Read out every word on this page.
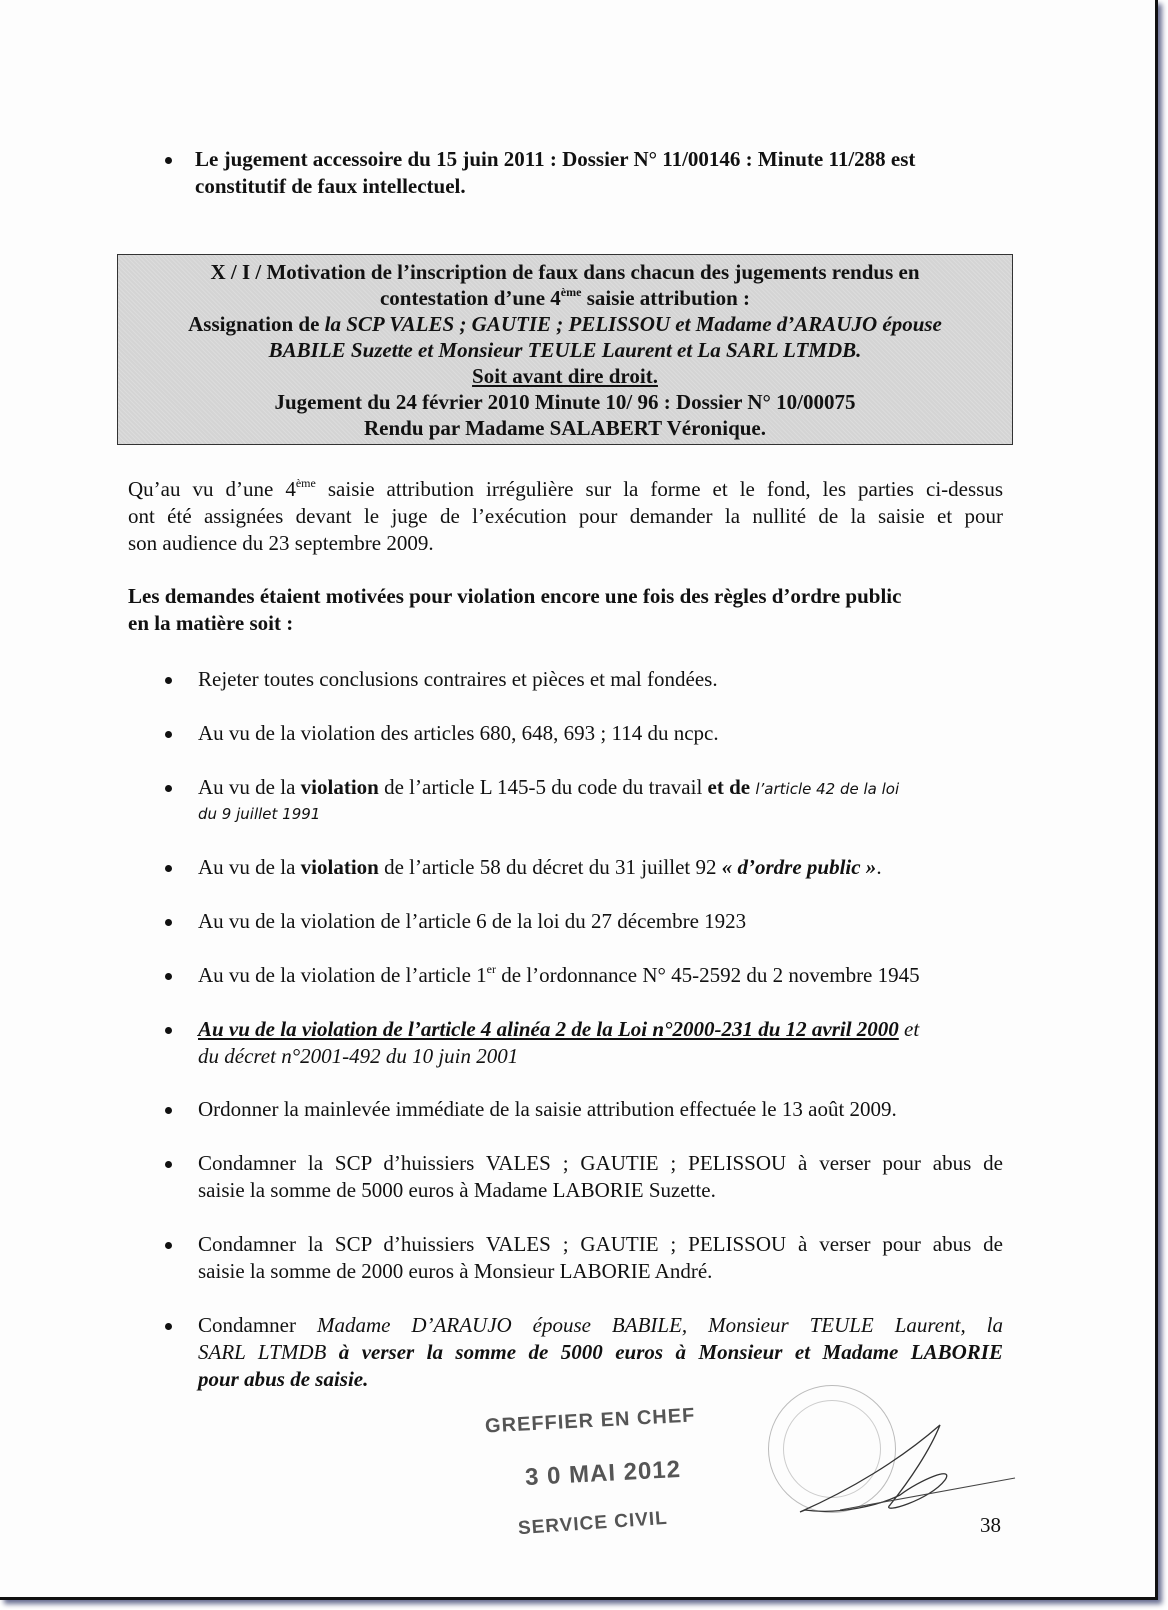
Le jugement accessoire du 15 juin 2011 : Dossier N° 11/00146 : Minute 11/288 est
constitutif de faux intellectuel.
X / I / Motivation de l’inscription de faux dans chacun des jugements rendus en
contestation d’une 4ème saisie attribution :
Assignation de la SCP VALES ; GAUTIE ; PELISSOU et Madame d’ARAUJO épouse
BABILE Suzette et Monsieur TEULE Laurent et La SARL LTMDB.
Soit avant dire droit.
Jugement du 24 février 2010 Minute 10/ 96 : Dossier N° 10/00075
Rendu par Madame SALABERT Véronique.
Qu’au vu d’une 4ème saisie attribution irrégulière sur la forme et le fond, les parties ci-dessus
ont été assignées devant le juge de l’exécution pour demander la nullité de la saisie et pour
son audience du 23 septembre 2009.
Les demandes étaient motivées pour violation encore une fois des règles d’ordre public
en la matière soit :
Rejeter toutes conclusions contraires et pièces et mal fondées.
Au vu de la violation des articles 680, 648, 693 ; 114 du ncpc.
Au vu de la violation de l’article L 145-5 du code du travail et de l’article 42 de la loi
du 9 juillet 1991
Au vu de la violation de l’article 58 du décret du 31 juillet 92 « d’ordre public ».
Au vu de la violation de l’article 6 de la loi du 27 décembre 1923
Au vu de la violation de l’article 1er de l’ordonnance N° 45-2592 du 2 novembre 1945
Au vu de la violation de l’article 4 alinéa 2 de la Loi n°2000-231 du 12 avril 2000 et
du décret n°2001-492 du 10 juin 2001
Ordonner la mainlevée immédiate de la saisie attribution effectuée le 13 août 2009.
Condamner la SCP d’huissiers VALES ; GAUTIE ; PELISSOU à verser pour abus de
saisie la somme de 5000 euros à Madame LABORIE Suzette.
Condamner la SCP d’huissiers VALES ; GAUTIE ; PELISSOU à verser pour abus de
saisie la somme de 2000 euros à Monsieur LABORIE André.
Condamner Madame D’ARAUJO épouse BABILE, Monsieur TEULE Laurent, la
SARL LTMDB à verser la somme de 5000 euros à Monsieur et Madame LABORIE
pour abus de saisie.
GREFFIER EN CHEF
3 0 MAI 2012
SERVICE CIVIL	38
